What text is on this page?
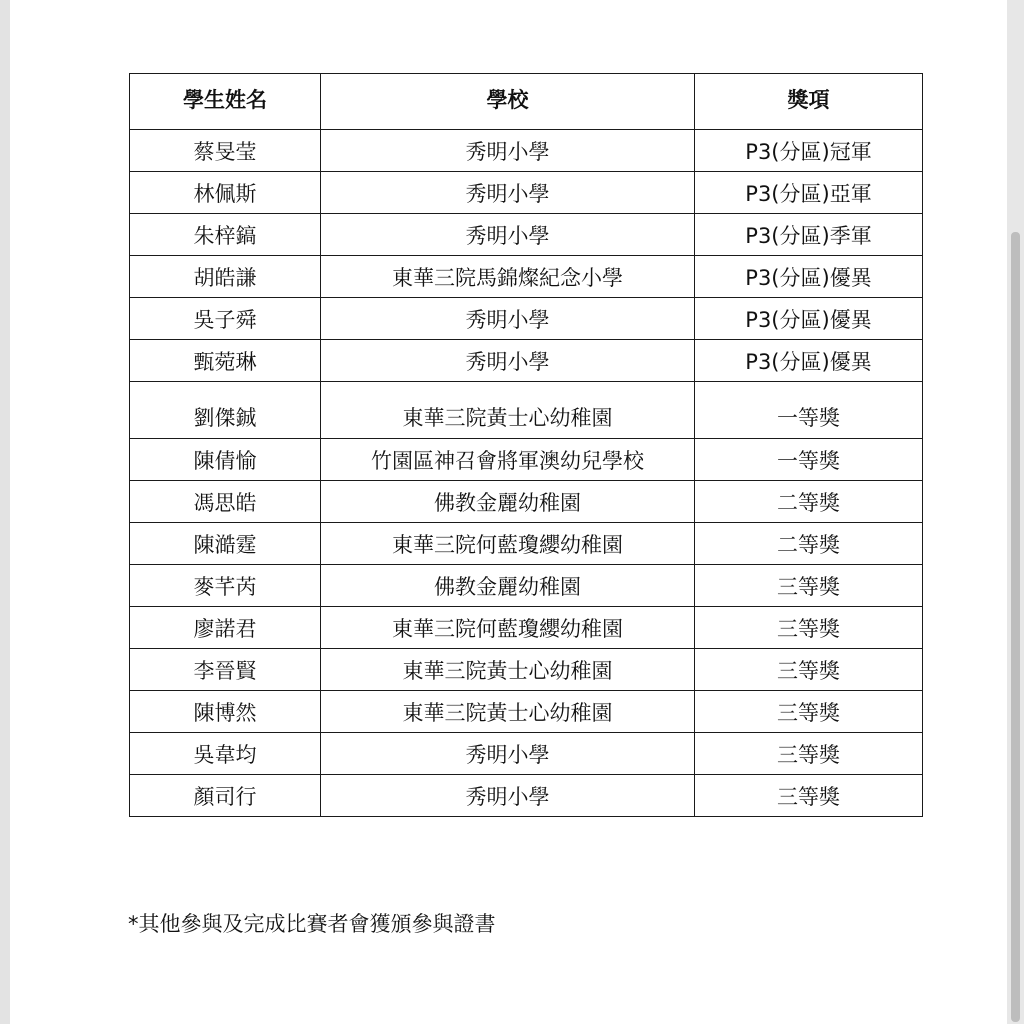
學生姓名	學校	獎項
蔡旻莹	秀明小學	P3(分區)冠軍
林佩斯	秀明小學	P3(分區)亞軍
朱梓鎬	秀明小學	P3(分區)季軍
胡皓謙	東華三院馬錦燦紀念小學	P3(分區)優異
吳子舜	秀明小學	P3(分區)優異
甄菀琳	秀明小學	P3(分區)優異
劉傑鋮	東華三院黃士心幼稚園	一等獎
陳倩愉	竹園區神召會將軍澳幼兒學校	一等獎
馮思皓	佛教金麗幼稚園	二等獎
陳澔霆	東華三院何藍瓊纓幼稚園	二等獎
麥芊芮	佛教金麗幼稚園	三等獎
廖諾君	東華三院何藍瓊纓幼稚園	三等獎
李晉賢	東華三院黃士心幼稚園	三等獎
陳博然	東華三院黃士心幼稚園	三等獎
吳韋均	秀明小學	三等獎
顏司行	秀明小學	三等獎
*其他參與及完成比賽者會獲頒參與證書
